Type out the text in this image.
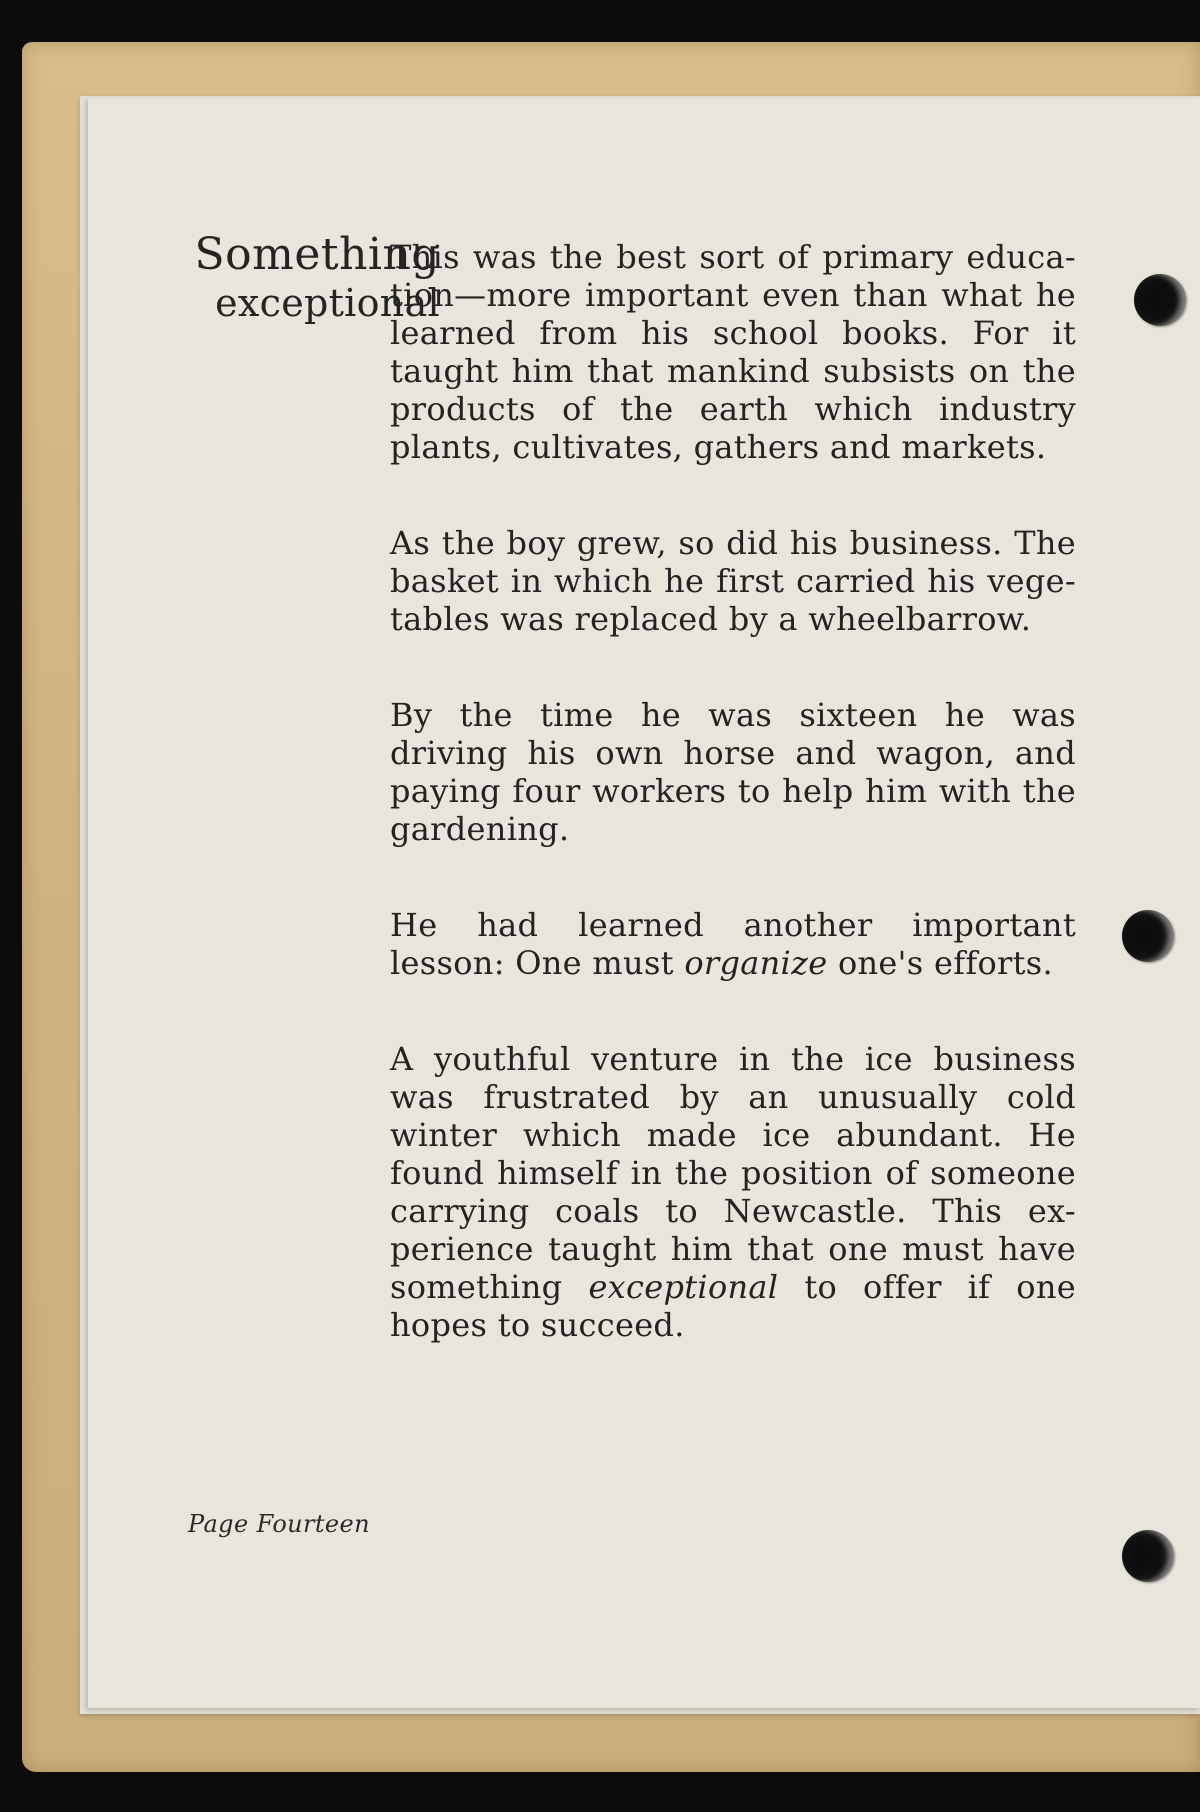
Something
exceptional

This was the best sort of primary educa-tion—more important even than what he learned from his school books. For it taught him that mankind subsists on the products of the earth which industry plants, cultivates, gathers and markets.

As the boy grew, so did his business. The basket in which he first carried his vege-tables was replaced by a wheelbarrow.

By the time he was sixteen he was driving his own horse and wagon, and paying four workers to help him with the gardening.

He had learned another important lesson: One must organize one's efforts.

A youthful venture in the ice business was frustrated by an unusually cold winter which made ice abundant. He found himself in the position of someone carrying coals to Newcastle. This ex-perience taught him that one must have something exceptional to offer if one hopes to succeed.

Page Fourteen
